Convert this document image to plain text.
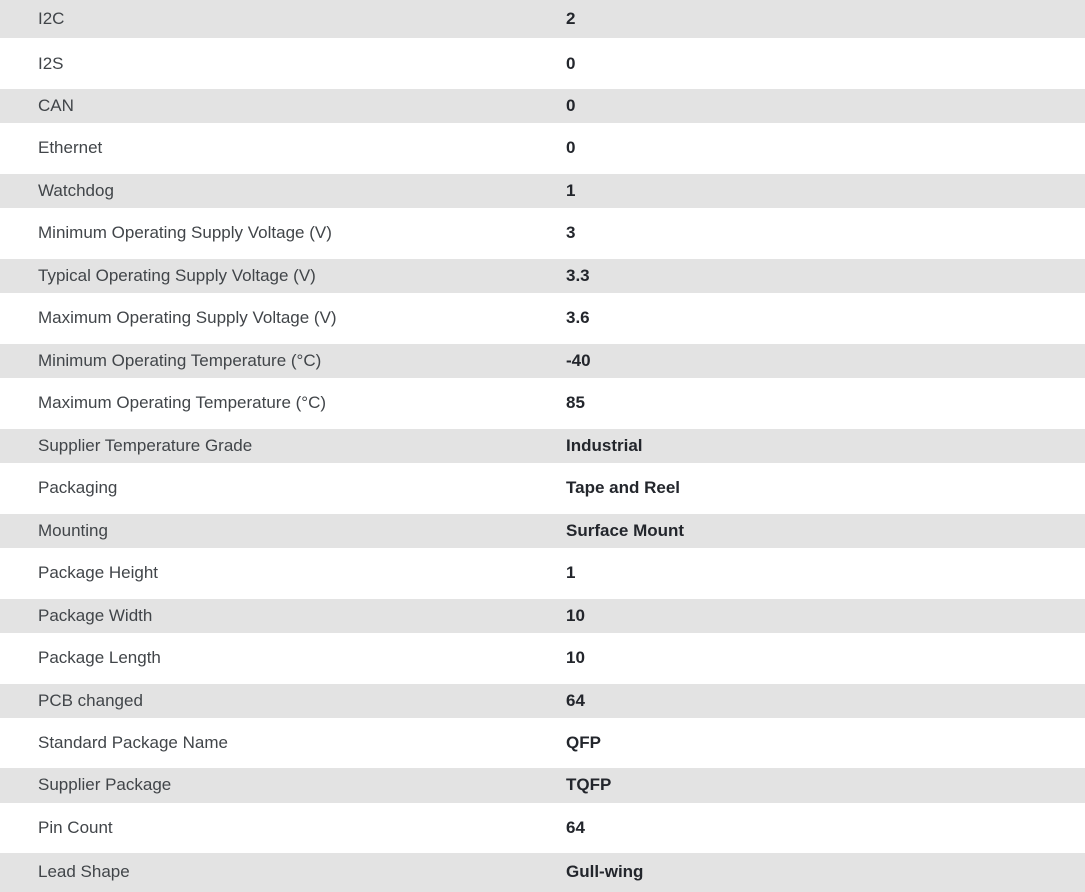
I2C	2
I2S	0
CAN	0
Ethernet	0
Watchdog	1
Minimum Operating Supply Voltage (V)	3
Typical Operating Supply Voltage (V)	3.3
Maximum Operating Supply Voltage (V)	3.6
Minimum Operating Temperature (°C)	-40
Maximum Operating Temperature (°C)	85
Supplier Temperature Grade	Industrial
Packaging	Tape and Reel
Mounting	Surface Mount
Package Height	1
Package Width	10
Package Length	10
PCB changed	64
Standard Package Name	QFP
Supplier Package	TQFP
Pin Count	64
Lead Shape	Gull-wing
